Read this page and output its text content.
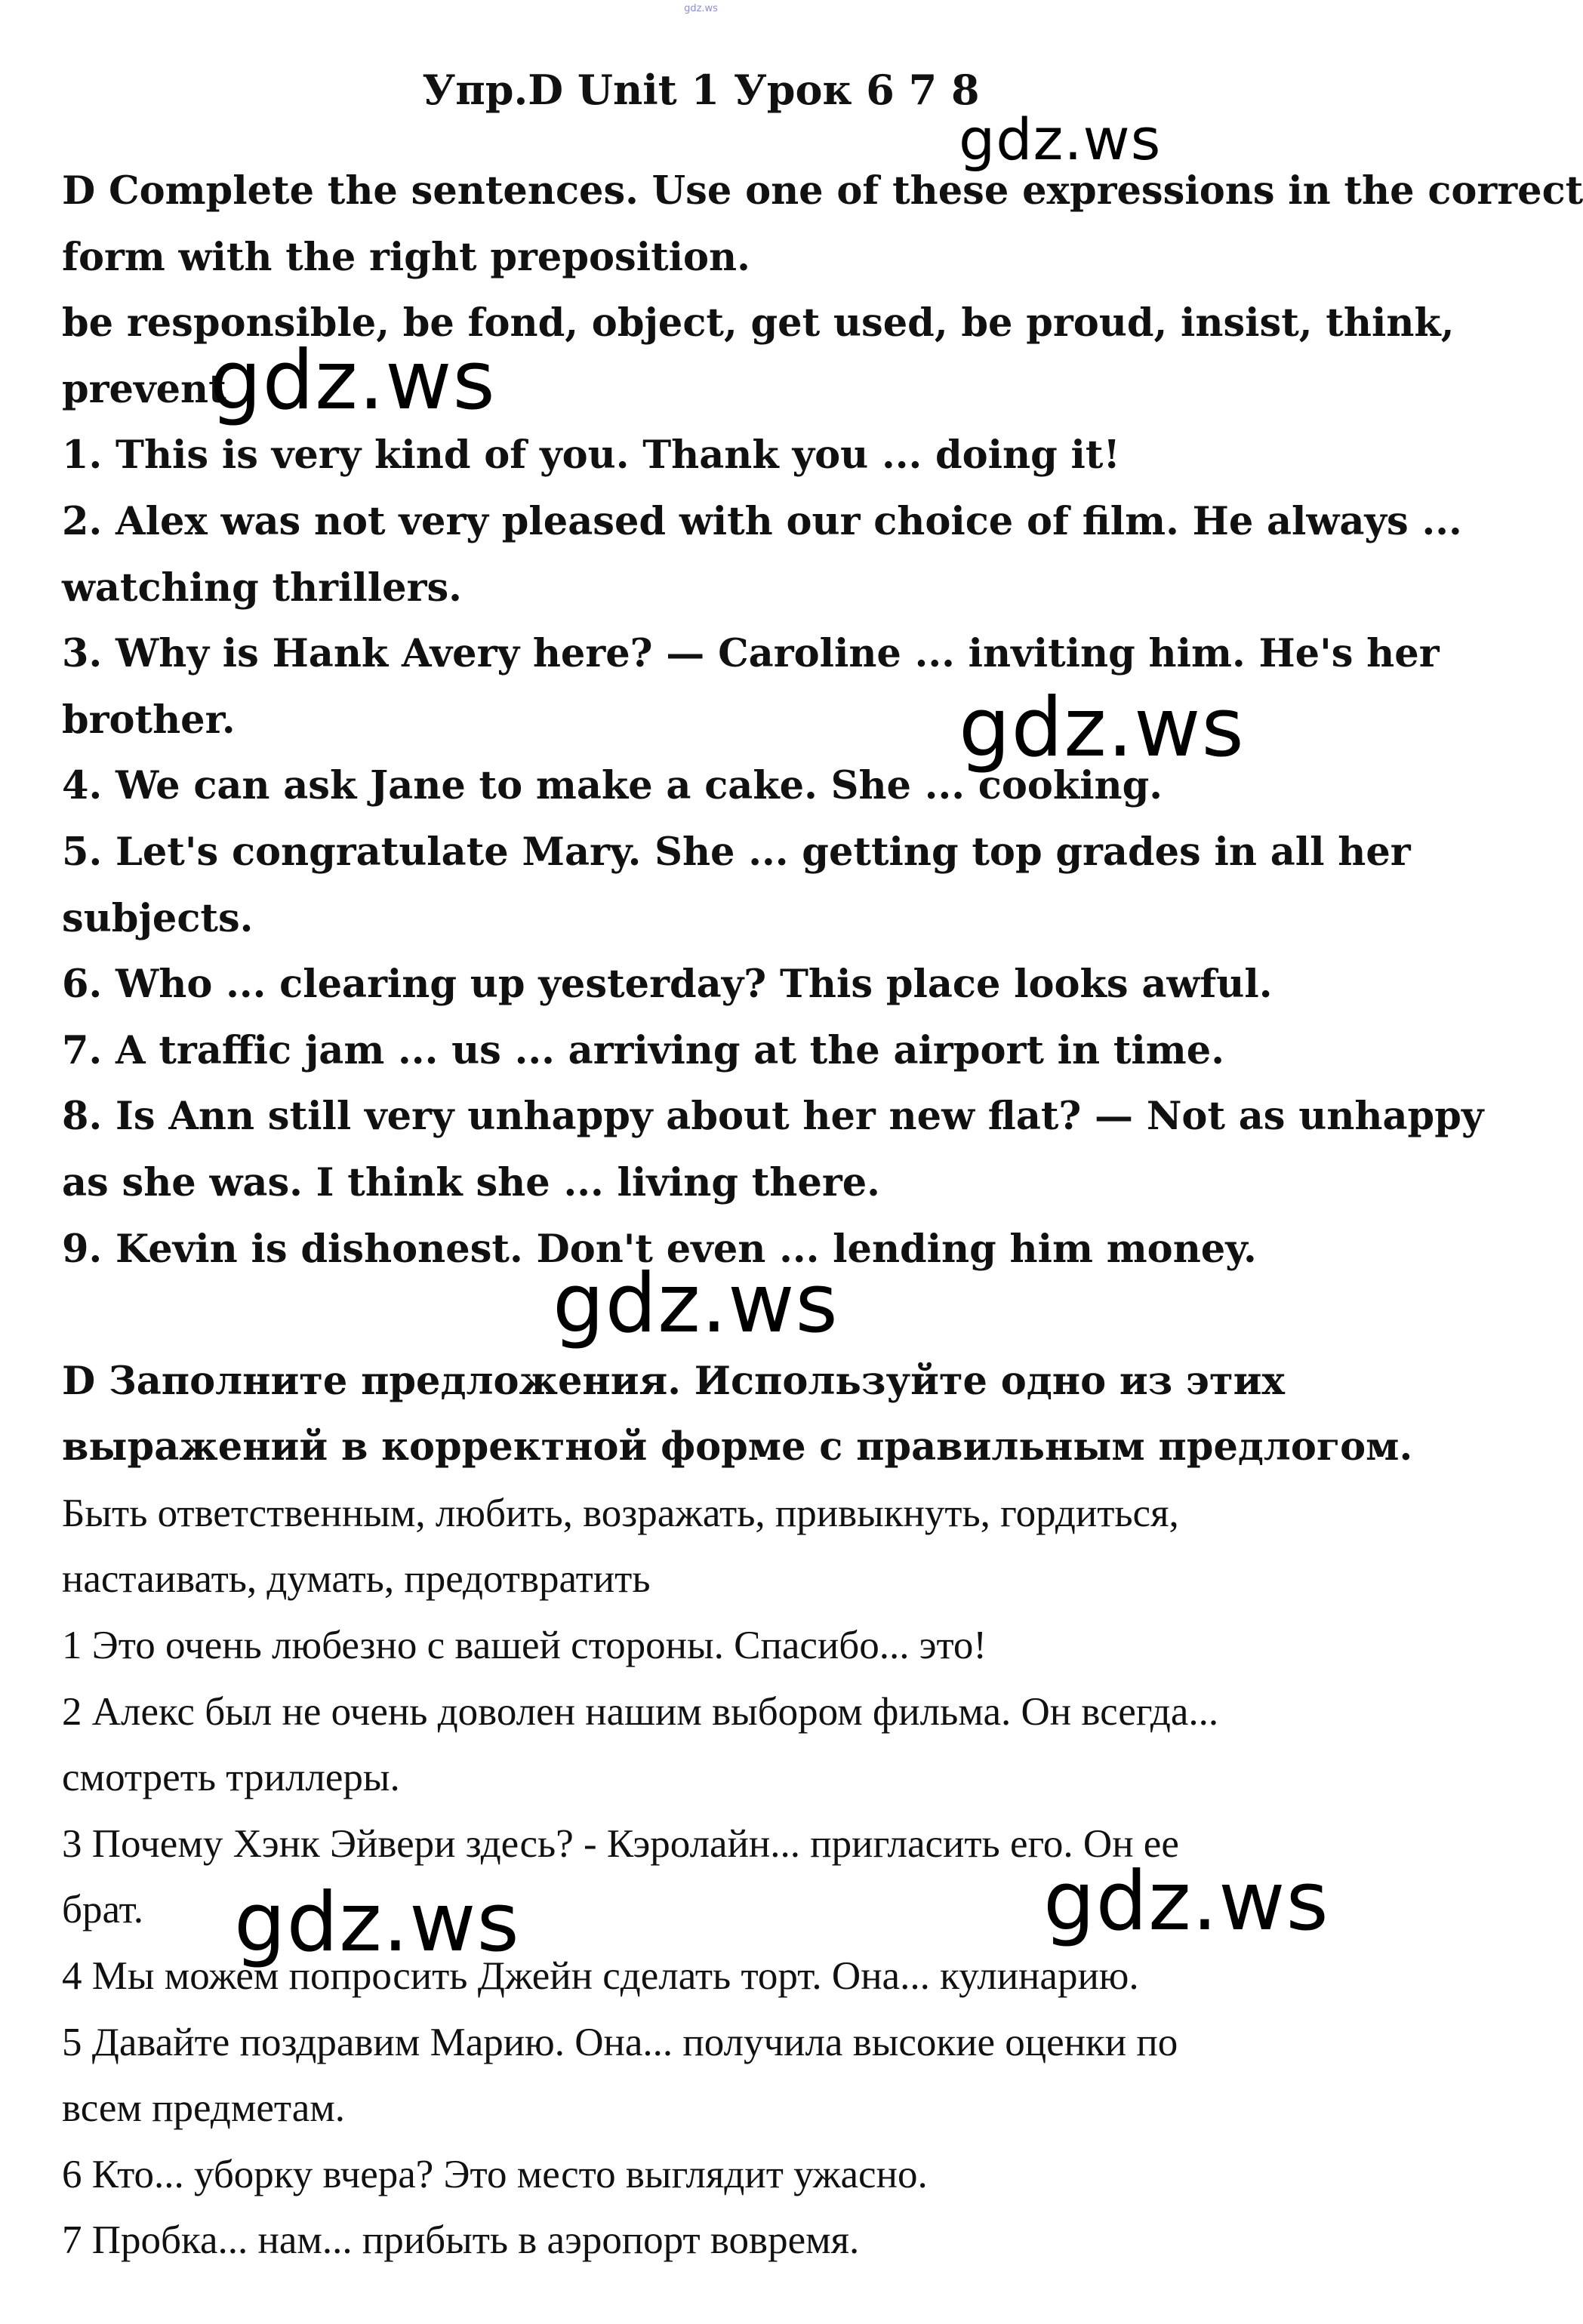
gdz.ws
Упр.D Unit 1 Урок 6 7 8
D Complete the sentences. Use one of these expressions in the correct
form with the right preposition.
be responsible, be fond, object, get used, be proud, insist, think,
prevent
1. This is very kind of you. Thank you ... doing it!
2. Alex was not very pleased with our choice of film. He always ...
watching thrillers.
3. Why is Hank Avery here? — Caroline ... inviting him. He's her
brother.
4. We can ask Jane to make a cake. She ... cooking.
5. Let's congratulate Mary. She ... getting top grades in all her
subjects.
6. Who ... clearing up yesterday? This place looks awful.
7. A traffic jam ... us ... arriving at the airport in time.
8. Is Ann still very unhappy about her new flat? — Not as unhappy
as she was. I think she ... living there.
9. Kevin is dishonest. Don't even ... lending him money.
D Заполните предложения. Используйте одно из этих
выражений в корректной форме с правильным предлогом.
Быть ответственным, любить, возражать, привыкнуть, гордиться,
настаивать, думать, предотвратить
1 Это очень любезно с вашей стороны. Спасибо... это!
2 Алекс был не очень доволен нашим выбором фильма. Он всегда...
смотреть триллеры.
3 Почему Хэнк Эйвери здесь? - Кэролайн... пригласить его. Он ее
брат.
4 Мы можем попросить Джейн сделать торт. Она... кулинарию.
5 Давайте поздравим Марию. Она... получила высокие оценки по
всем предметам.
6 Кто... уборку вчера? Это место выглядит ужасно.
7 Пробка... нам... прибыть в аэропорт вовремя.
gdz.ws
gdz.ws
gdz.ws
gdz.ws
gdz.ws	gdz.ws
